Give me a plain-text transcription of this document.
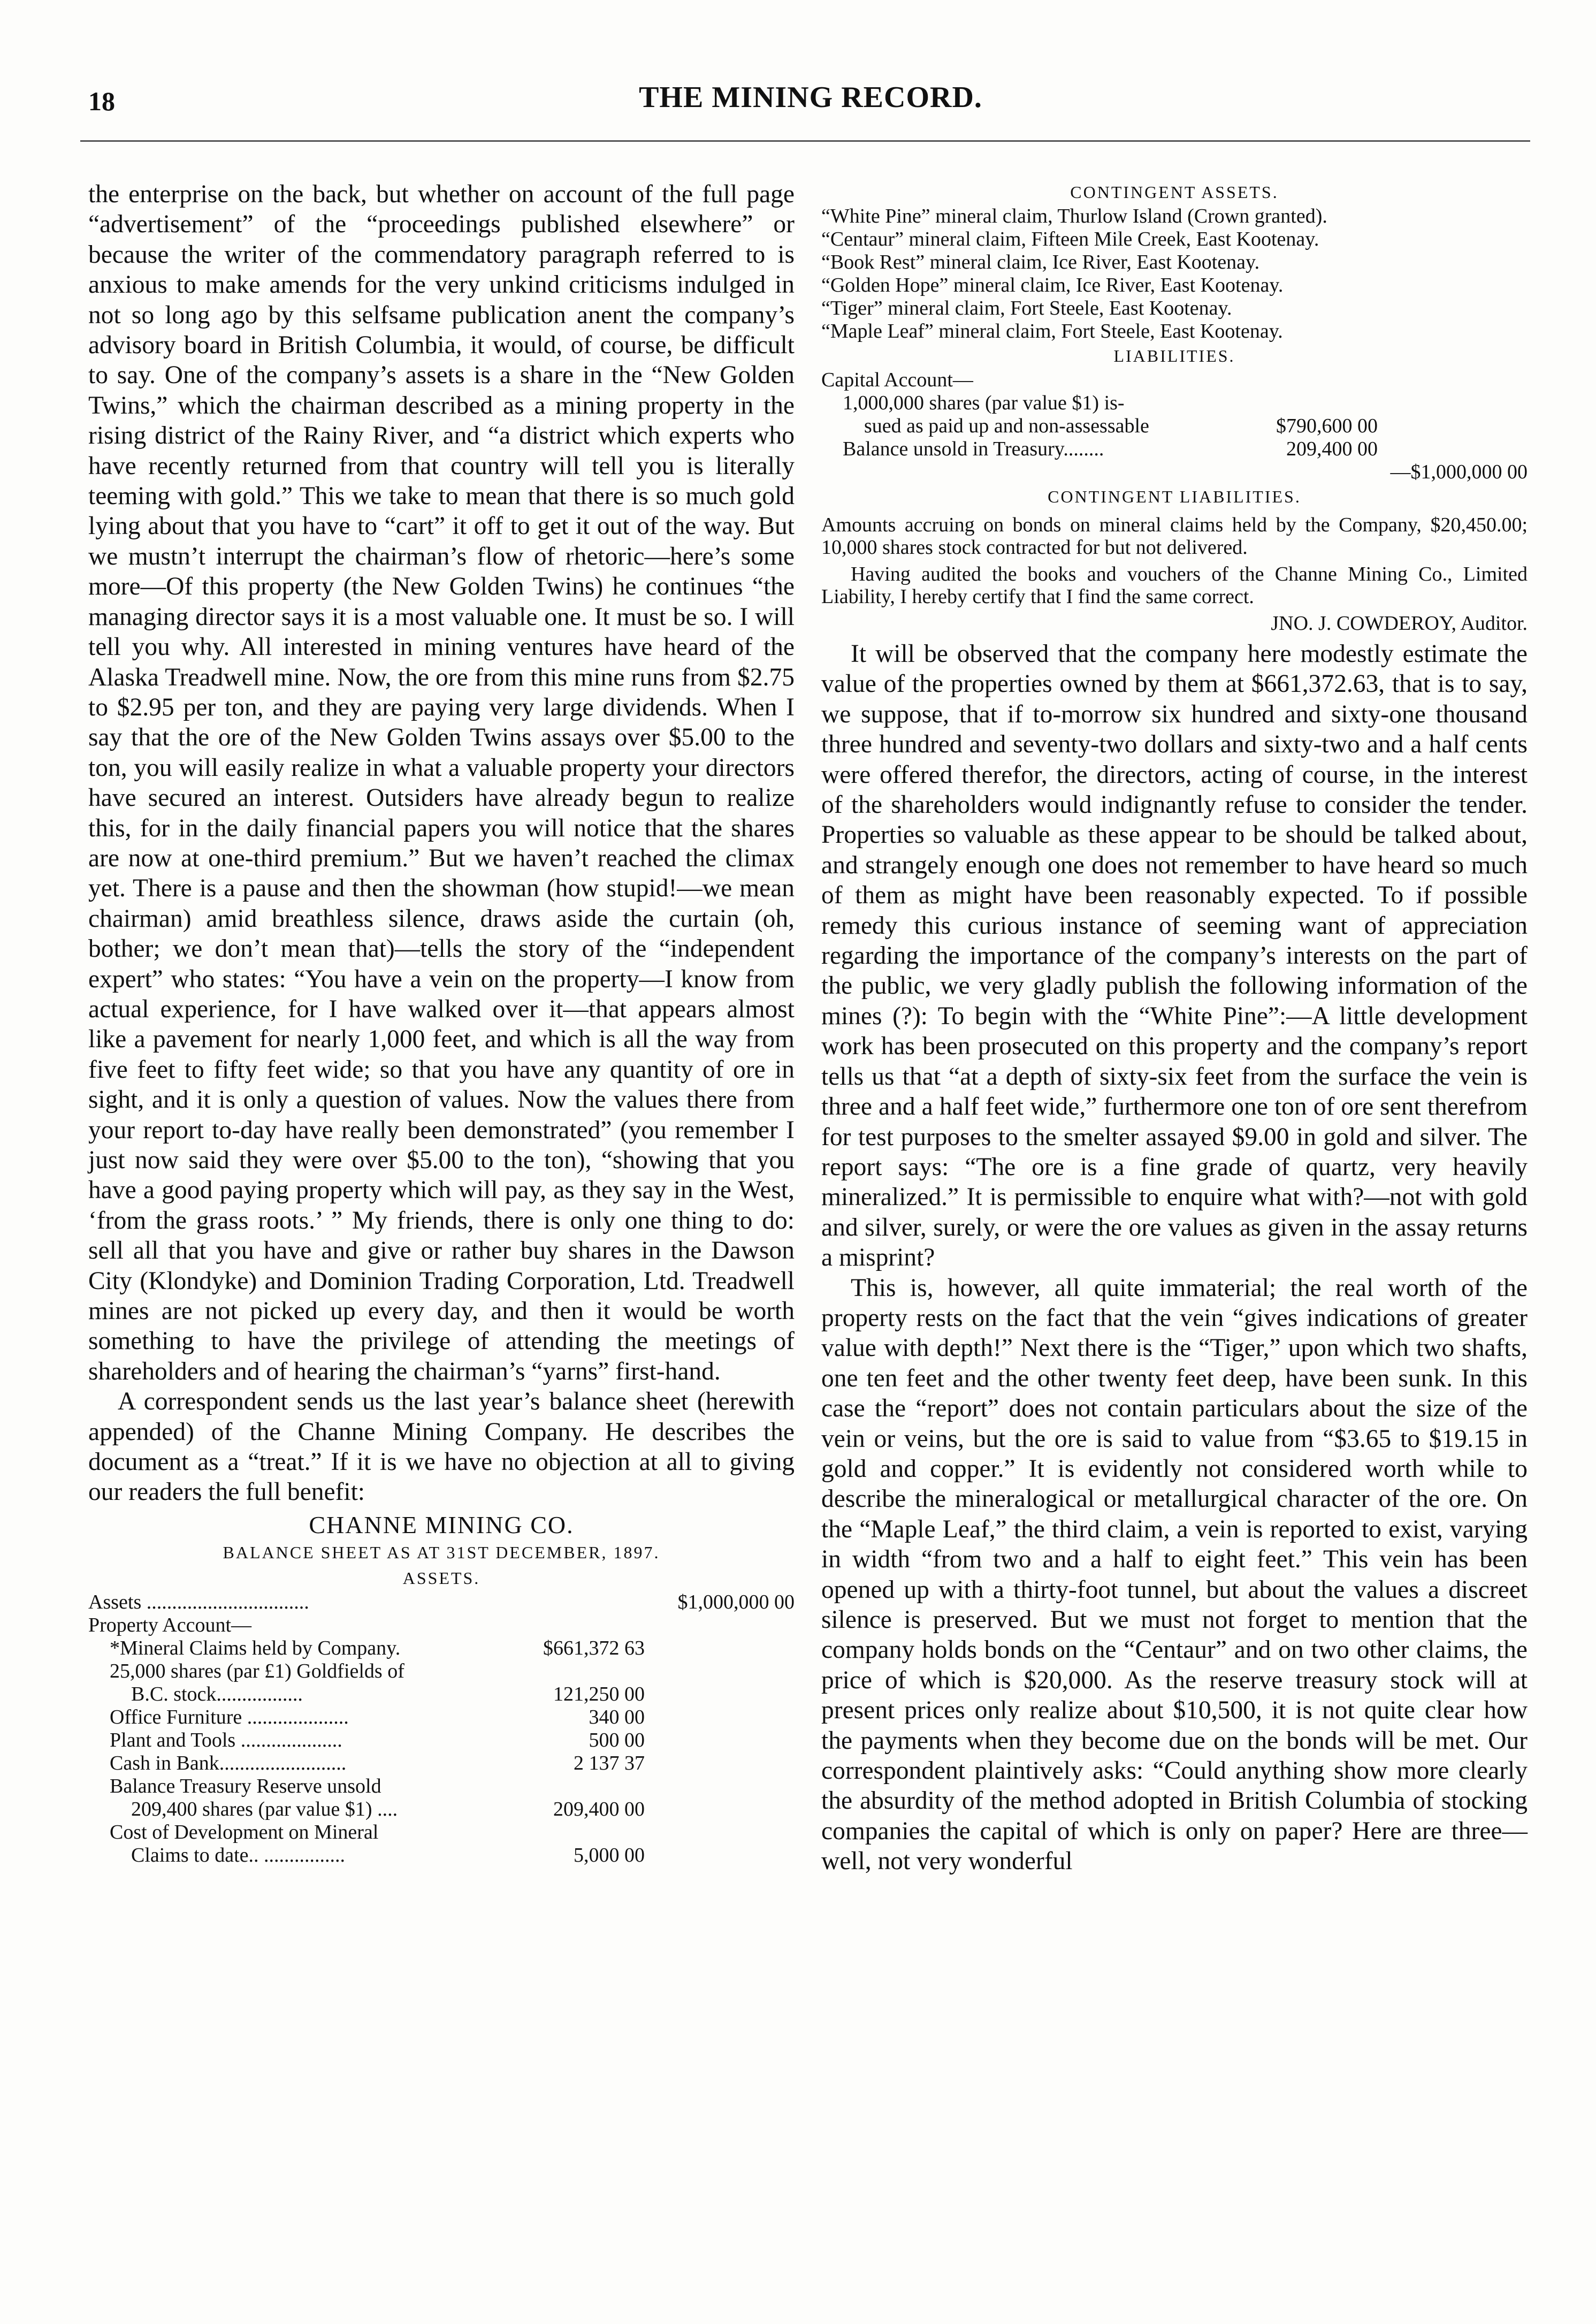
18	THE MINING RECORD.

the enterprise on the back, but whether on account of the full page “advertisement” of the “proceedings published elsewhere” or because the writer of the commendatory paragraph referred to is anxious to make amends for the very unkind criticisms indulged in not so long ago by this selfsame publication anent the company’s advisory board in British Columbia, it would, of course, be difficult to say. One of the company’s assets is a share in the “New Golden Twins,” which the chairman described as a mining property in the rising district of the Rainy River, and “a district which experts who have recently returned from that country will tell you is literally teeming with gold.” This we take to mean that there is so much gold lying about that you have to “cart” it off to get it out of the way. But we mustn’t interrupt the chairman’s flow of rhetoric—here’s some more—Of this property (the New Golden Twins) he continues “the managing director says it is a most valuable one. It must be so. I will tell you why. All interested in mining ventures have heard of the Alaska Treadwell mine. Now, the ore from this mine runs from $2.75 to $2.95 per ton, and they are paying very large dividends. When I say that the ore of the New Golden Twins assays over $5.00 to the ton, you will easily realize in what a valuable property your directors have secured an interest. Outsiders have already begun to realize this, for in the daily financial papers you will notice that the shares are now at one-third premium.” But we haven’t reached the climax yet. There is a pause and then the showman (how stupid!—we mean chairman) amid breathless silence, draws aside the curtain (oh, bother; we don’t mean that)—tells the story of the “independent expert” who states: “You have a vein on the property—I know from actual experience, for I have walked over it—that appears almost like a pavement for nearly 1,000 feet, and which is all the way from five feet to fifty feet wide; so that you have any quantity of ore in sight, and it is only a question of values. Now the values there from your report to-day have really been demonstrated” (you remember I just now said they were over $5.00 to the ton), “showing that you have a good paying property which will pay, as they say in the West, ‘from the grass roots.’ ” My friends, there is only one thing to do: sell all that you have and give or rather buy shares in the Dawson City (Klondyke) and Dominion Trading Corporation, Ltd. Treadwell mines are not picked up every day, and then it would be worth something to have the privilege of attending the meetings of shareholders and of hearing the chairman’s “yarns” first-hand.

A correspondent sends us the last year’s balance sheet (herewith appended) of the Channe Mining Company. He describes the document as a “treat.” If it is we have no objection at all to giving our readers the full benefit:

CHANNE MINING CO.
BALANCE SHEET AS AT 31ST DECEMBER, 1897.
ASSETS.
Assets ................................		$1,000,000 00
Property Account—		
*Mineral Claims held by Company.	$661,372 63	
25,000 shares (par £1) Goldfields of		
B.C. stock.................	121,250 00	
Office Furniture ....................	340 00	
Plant and Tools ....................	500 00	
Cash in Bank.........................	2 137 37	
Balance Treasury Reserve unsold		
209,400 shares (par value $1) ....	209,400 00	
Cost of Development on Mineral		
Claims to date.. ................	5,000 00	
CONTINGENT ASSETS.
“White Pine” mineral claim, Thurlow Island (Crown granted).
“Centaur” mineral claim, Fifteen Mile Creek, East Kootenay.
“Book Rest” mineral claim, Ice River, East Kootenay.
“Golden Hope” mineral claim, Ice River, East Kootenay.
“Tiger” mineral claim, Fort Steele, East Kootenay.
“Maple Leaf” mineral claim, Fort Steele, East Kootenay.
LIABILITIES.
Capital Account—		
1,000,000 shares (par value $1) is-		
sued as paid up and non-assessable	$790,600 00	
Balance unsold in Treasury........	209,400 00	
		—$1,000,000 00
CONTINGENT LIABILITIES.

Amounts accruing on bonds on mineral claims held by the Company, $20,450.00; 10,000 shares stock contracted for but not delivered.

Having audited the books and vouchers of the Channe Mining Co., Limited Liability, I hereby certify that I find the same correct.

JNO. J. COWDEROY, Auditor.

It will be observed that the company here modestly estimate the value of the properties owned by them at $661,372.63, that is to say, we suppose, that if to-morrow six hundred and sixty-one thousand three hundred and seventy-two dollars and sixty-two and a half cents were offered therefor, the directors, acting of course, in the interest of the shareholders would indignantly refuse to consider the tender. Properties so valuable as these appear to be should be talked about, and strangely enough one does not remember to have heard so much of them as might have been reasonably expected. To if possible remedy this curious instance of seeming want of appreciation regarding the importance of the company’s interests on the part of the public, we very gladly publish the following information of the mines (?): To begin with the “White Pine”:—A little development work has been prosecuted on this property and the company’s report tells us that “at a depth of sixty-six feet from the surface the vein is three and a half feet wide,” furthermore one ton of ore sent therefrom for test purposes to the smelter assayed $9.00 in gold and silver. The report says: “The ore is a fine grade of quartz, very heavily mineralized.” It is permissible to enquire what with?—not with gold and silver, surely, or were the ore values as given in the assay returns a misprint?

This is, however, all quite immaterial; the real worth of the property rests on the fact that the vein “gives indications of greater value with depth!” Next there is the “Tiger,” upon which two shafts, one ten feet and the other twenty feet deep, have been sunk. In this case the “report” does not contain particulars about the size of the vein or veins, but the ore is said to value from “$3.65 to $19.15 in gold and copper.” It is evidently not considered worth while to describe the mineralogical or metallurgical character of the ore. On the “Maple Leaf,” the third claim, a vein is reported to exist, varying in width “from two and a half to eight feet.” This vein has been opened up with a thirty-foot tunnel, but about the values a discreet silence is preserved. But we must not forget to mention that the company holds bonds on the “Centaur” and on two other claims, the price of which is $20,000. As the reserve treasury stock will at present prices only realize about $10,500, it is not quite clear how the payments when they become due on the bonds will be met. Our correspondent plaintively asks: “Could anything show more clearly the absurdity of the method adopted in British Columbia of stocking companies the capital of which is only on paper? Here are three—well, not very wonderful
